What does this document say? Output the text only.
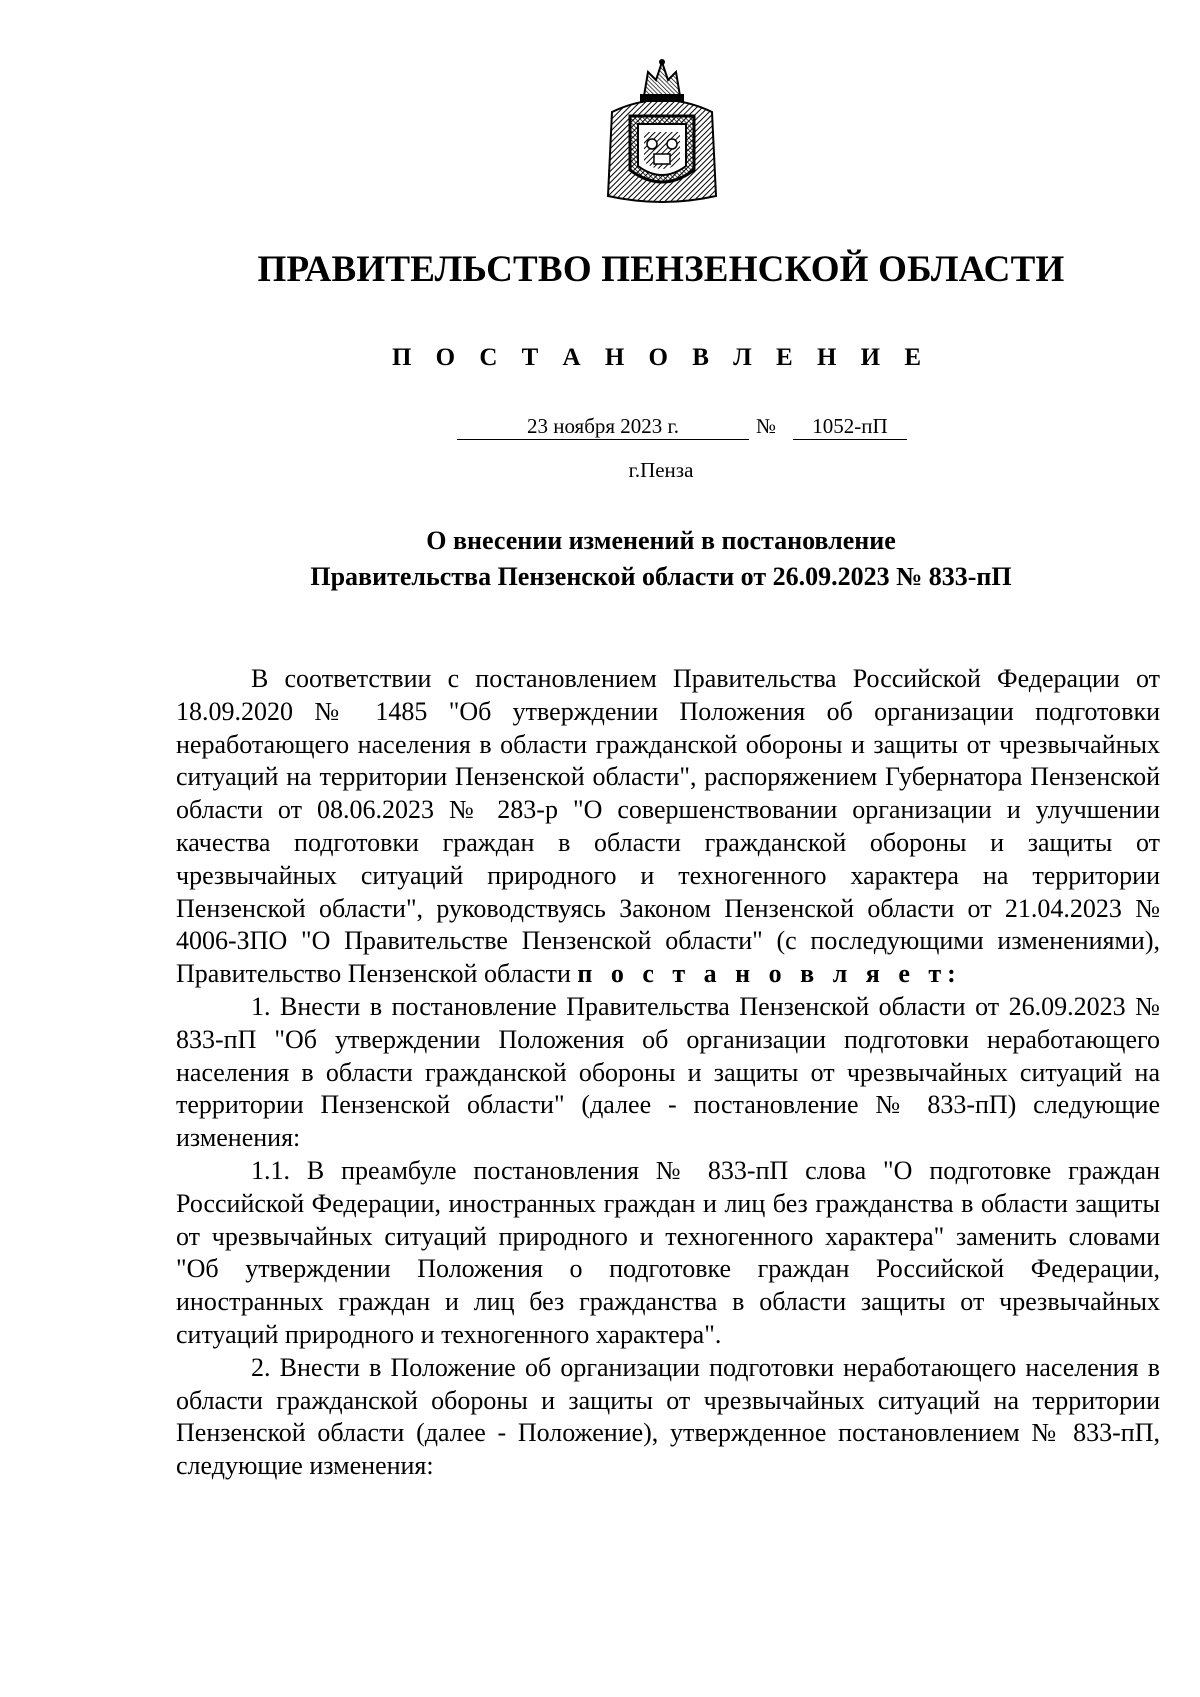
ПРАВИТЕЛЬСТВО ПЕНЗЕНСКОЙ ОБЛАСТИ
П О С Т А Н О В Л Е Н И Е
23 ноября 2023 г.	№	1052-пП
г.Пенза
О внесении изменений в постановление
Правительства Пензенской области от 26.09.2023 № 833-пП

В соответствии с постановлением Правительства Российской Федерации от 18.09.2020 № 1485 "Об утверждении Положения об организации подготовки неработающего населения в области гражданской обороны и защиты от чрезвычайных ситуаций на территории Пензенской области", распоряжением Губернатора Пензенской области от 08.06.2023 № 283-р "О совершенствовании организации и улучшении качества подготовки граждан в области гражданской обороны и защиты от чрезвычайных ситуаций природного и техногенного характера на территории Пензенской области", руководствуясь Законом Пензенской области от 21.04.2023 № 4006-ЗПО "О Правительстве Пензенской области" (с последующими изменениями), Правительство Пензенской области п о с т а н о в л я е т:

1. Внести в постановление Правительства Пензенской области от 26.09.2023 № 833-пП "Об утверждении Положения об организации подготовки неработающего населения в области гражданской обороны и защиты от чрезвычайных ситуаций на территории Пензенской области" (далее - постановление № 833-пП) следующие изменения:

1.1. В преамбуле постановления № 833-пП слова "О подготовке граждан Российской Федерации, иностранных граждан и лиц без гражданства в области защиты от чрезвычайных ситуаций природного и техногенного характера" заменить словами "Об утверждении Положения о подготовке граждан Российской Федерации, иностранных граждан и лиц без гражданства в области защиты от чрезвычайных ситуаций природного и техногенного характера".

2. Внести в Положение об организации подготовки неработающего населения в области гражданской обороны и защиты от чрезвычайных ситуаций на территории Пензенской области (далее - Положение), утвержденное постановлением № 833-пП, следующие изменения:
